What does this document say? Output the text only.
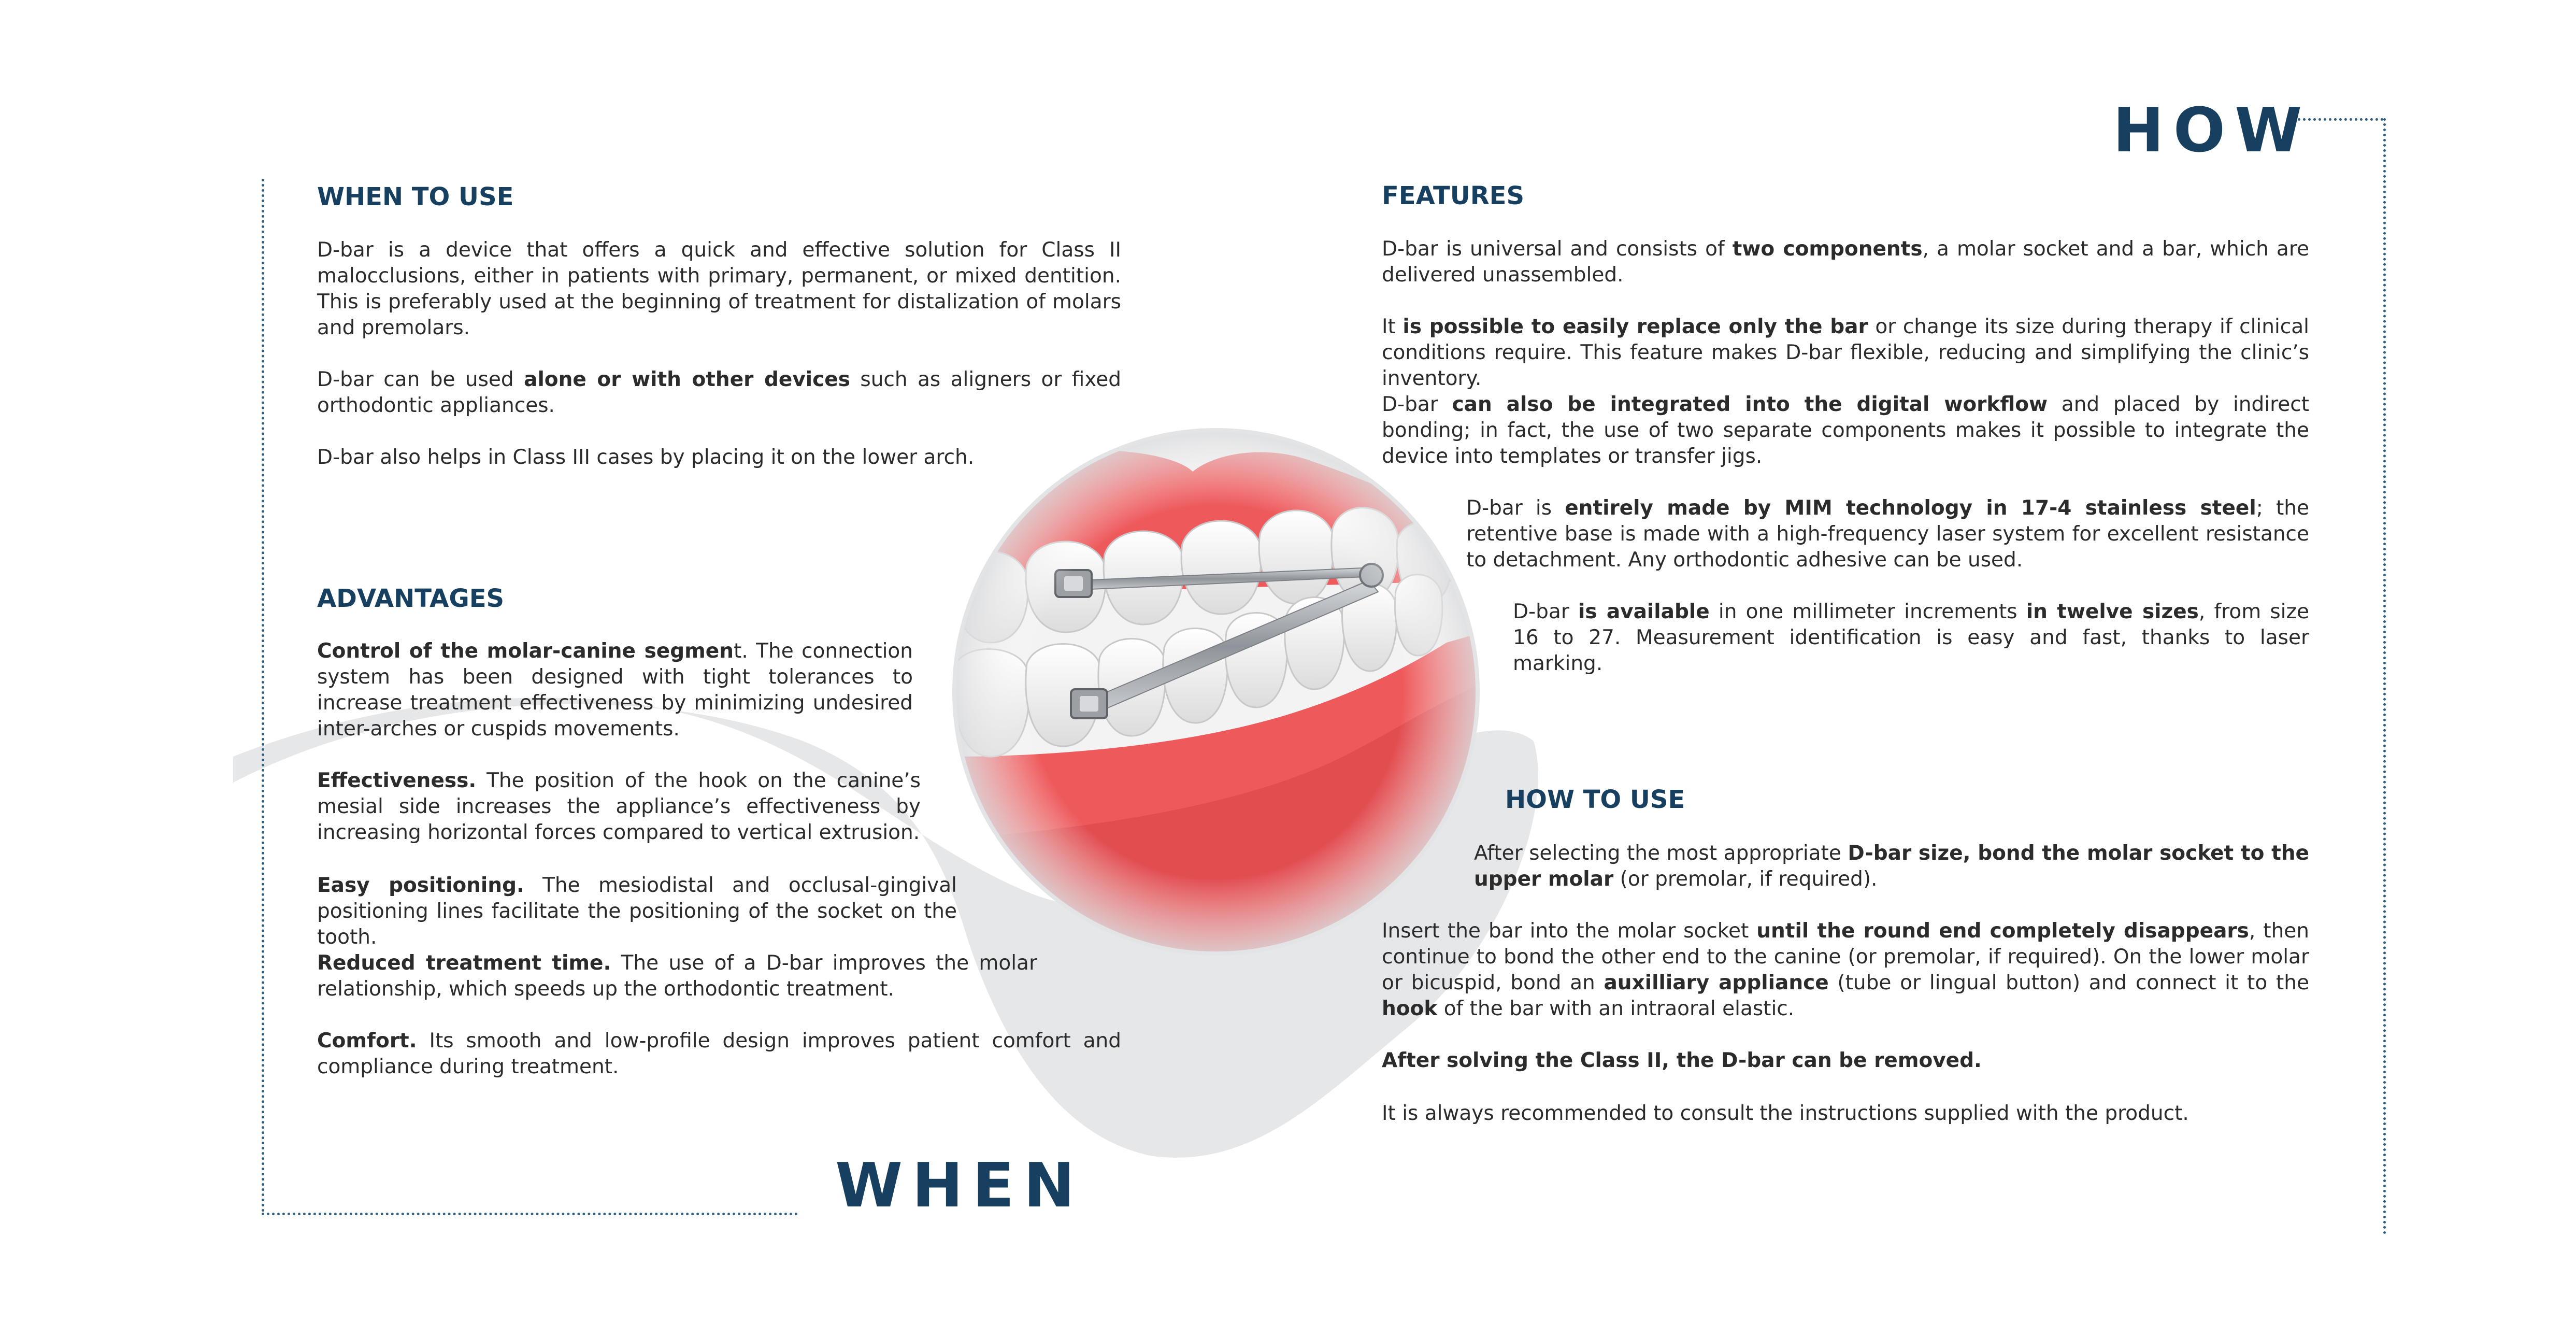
HOW
WHEN
WHEN TO USE

D-bar is a device that offers a quick and effective solution for Class II malocclusions, either in patients with primary, permanent, or mixed dentition. This is preferably used at the beginning of treatment for distalization of molars and premolars.

D-bar can be used alone or with other devices such as aligners or fixed orthodontic appliances.

D-bar also helps in Class III cases by placing it on the lower arch.

ADVANTAGES
Control of the molar-canine segment. The connection system has been designed with tight tolerances to increase treatment effectiveness by minimizing undesired inter-arches or cuspids movements.
Effectiveness. The position of the hook on the canine’s mesial side increases the appliance’s effectiveness by increasing horizontal forces compared to vertical extrusion.
Easy positioning. The mesiodistal and occlusal-gingival positioning lines facilitate the positioning of the socket on the tooth.
Reduced treatment time. The use of a D-bar improves the molar relationship, which speeds up the orthodontic treatment.
Comfort. Its smooth and low-profile design improves patient comfort and compliance during treatment.
FEATURES
D-bar is universal and consists of two components, a molar socket and a bar, which are delivered unassembled.
It is possible to easily replace only the bar or change its size during therapy if clinical conditions require. This feature makes D-bar flexible, reducing and simplifying the clinic’s inventory.
D-bar can also be integrated into the digital workflow and placed by indirect bonding; in fact, the use of two separate components makes it possible to integrate the device into templates or transfer jigs.
D-bar is entirely made by MIM technology in 17-4 stainless steel; the retentive base is made with a high-frequency laser system for excellent resistance to detachment. Any orthodontic adhesive can be used.
D-bar is available in one millimeter increments in twelve sizes, from size 16 to 27. Measurement identification is easy and fast, thanks to laser marking.
HOW TO USE
After selecting the most appropriate D-bar size, bond the molar socket to the upper molar (or premolar, if required).
Insert the bar into the molar socket until the round end completely disappears, then continue to bond the other end to the canine (or premolar, if required). On the lower molar or bicuspid, bond an auxilliary appliance (tube or lingual button) and connect it to the hook of the bar with an intraoral elastic.
After solving the Class II, the D-bar can be removed.
It is always recommended to consult the instructions supplied with the product.
